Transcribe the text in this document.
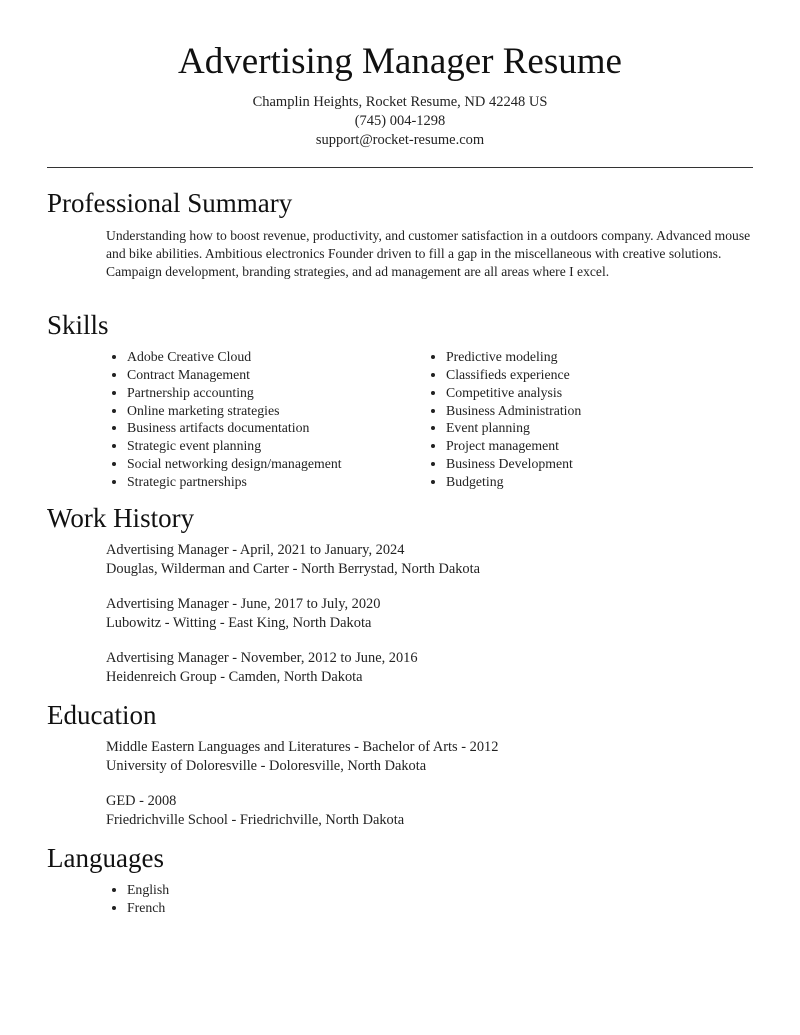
Advertising Manager Resume
Champlin Heights, Rocket Resume, ND 42248 US
(745) 004-1298
support@rocket-resume.com
Professional Summary
Understanding how to boost revenue, productivity, and customer satisfaction in a outdoors company. Advanced mouse and bike abilities. Ambitious electronics Founder driven to fill a gap in the miscellaneous with creative solutions. Campaign development, branding strategies, and ad management are all areas where I excel.
Skills
• Adobe Creative Cloud
• Contract Management
• Partnership accounting
• Online marketing strategies
• Business artifacts documentation
• Strategic event planning
• Social networking design/management
• Strategic partnerships
• Predictive modeling
• Classifieds experience
• Competitive analysis
• Business Administration
• Event planning
• Project management
• Business Development
• Budgeting
Work History
Advertising Manager - April, 2021 to January, 2024
Douglas, Wilderman and Carter - North Berrystad, North Dakota
Advertising Manager - June, 2017 to July, 2020
Lubowitz - Witting - East King, North Dakota
Advertising Manager - November, 2012 to June, 2016
Heidenreich Group - Camden, North Dakota
Education
Middle Eastern Languages and Literatures - Bachelor of Arts - 2012
University of Doloresville - Doloresville, North Dakota
GED - 2008
Friedrichville School - Friedrichville, North Dakota
Languages
• English
• French
